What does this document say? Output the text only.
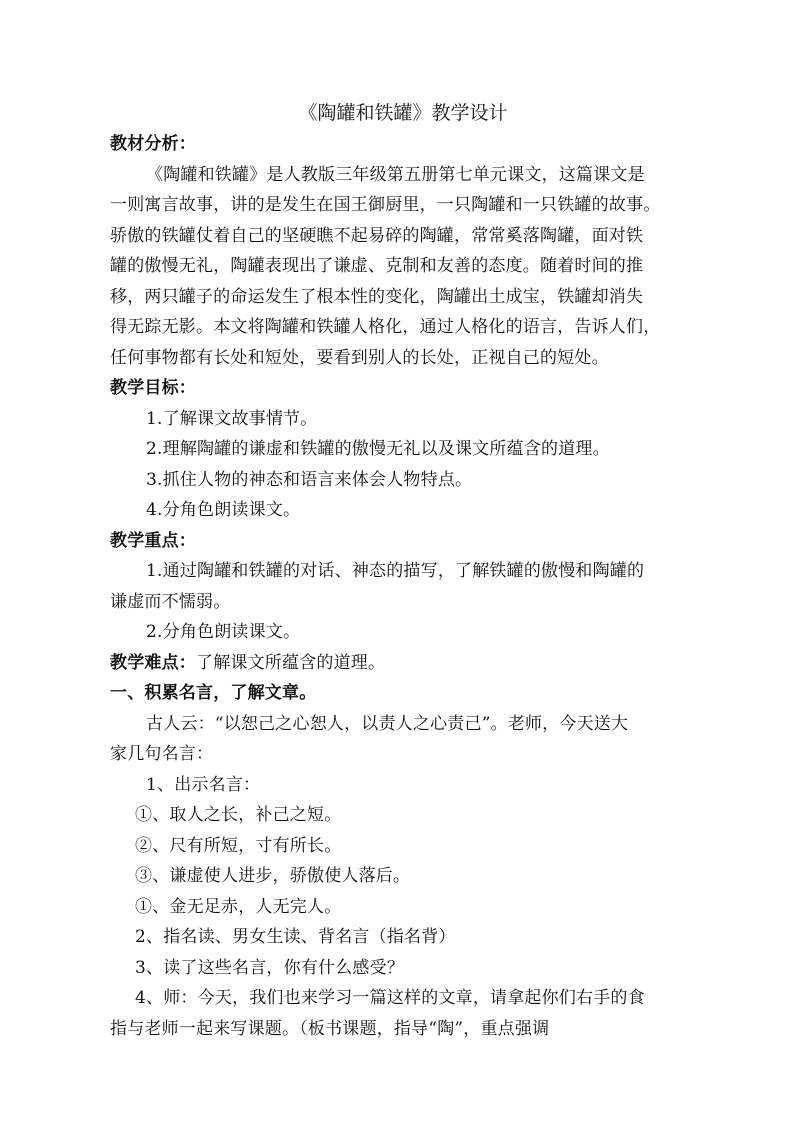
《陶罐和铁罐》教学设计
教材分析：
《陶罐和铁罐》是人教版三年级第五册第七单元课文，这篇课文是
一则寓言故事，讲的是发生在国王御厨里，一只陶罐和一只铁罐的故事。
骄傲的铁罐仗着自己的坚硬瞧不起易碎的陶罐，常常奚落陶罐，面对铁
罐的傲慢无礼，陶罐表现出了谦虚、克制和友善的态度。随着时间的推
移，两只罐子的命运发生了根本性的变化，陶罐出土成宝，铁罐却消失
得无踪无影。本文将陶罐和铁罐人格化，通过人格化的语言，告诉人们，
任何事物都有长处和短处，要看到别人的长处，正视自己的短处。
教学目标：
1.了解课文故事情节。
2.理解陶罐的谦虚和铁罐的傲慢无礼以及课文所蕴含的道理。
3.抓住人物的神态和语言来体会人物特点。
4.分角色朗读课文。
教学重点：
1.通过陶罐和铁罐的对话、神态的描写，了解铁罐的傲慢和陶罐的
谦虚而不懦弱。
2.分角色朗读课文。
教学难点：了解课文所蕴含的道理。
一、积累名言，了解文章。
古人云：“以恕己之心恕人，以责人之心责己”。老师，今天送大
家几句名言：
1、出示名言：
①、取人之长，补己之短。
②、尺有所短，寸有所长。
③、谦虚使人进步，骄傲使人落后。
①、金无足赤，人无完人。
2、指名读、男女生读、背名言（指名背）
3、读了这些名言，你有什么感受？
4、师：今天，我们也来学习一篇这样的文章，请拿起你们右手的食
指与老师一起来写课题。（板书课题，指导“陶”，重点强调
